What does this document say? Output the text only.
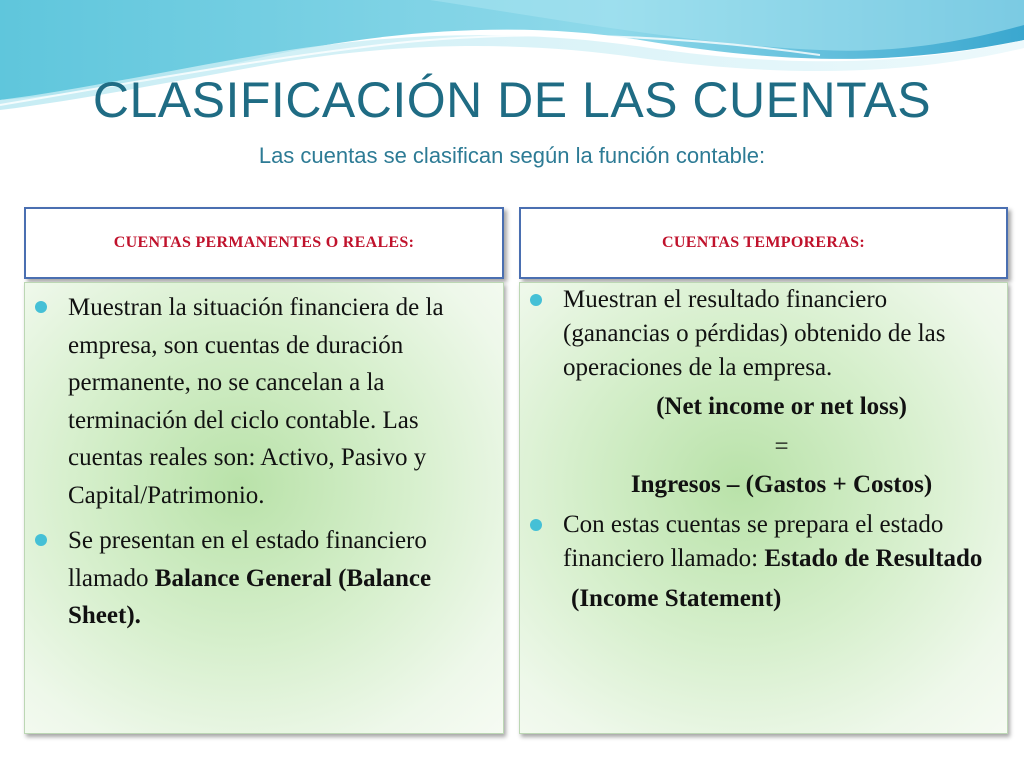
CLASIFICACIÓN DE LAS CUENTAS
Las cuentas se clasifican según la función contable:
CUENTAS PERMANENTES O REALES:	CUENTAS TEMPORERAS:
Muestran la situación financiera de la empresa, son cuentas de duración permanente, no se cancelan a la terminación del ciclo contable. Las cuentas reales son: Activo, Pasivo y Capital/Patrimonio.
Se presentan en el estado financiero llamado Balance General (Balance Sheet).
Muestran el resultado financiero (ganancias o pérdidas) obtenido de las operaciones de la empresa.
(Net income or net loss)
=
Ingresos – (Gastos + Costos)
Con estas cuentas se prepara el estado financiero llamado: Estado de Resultado
(Income Statement)
